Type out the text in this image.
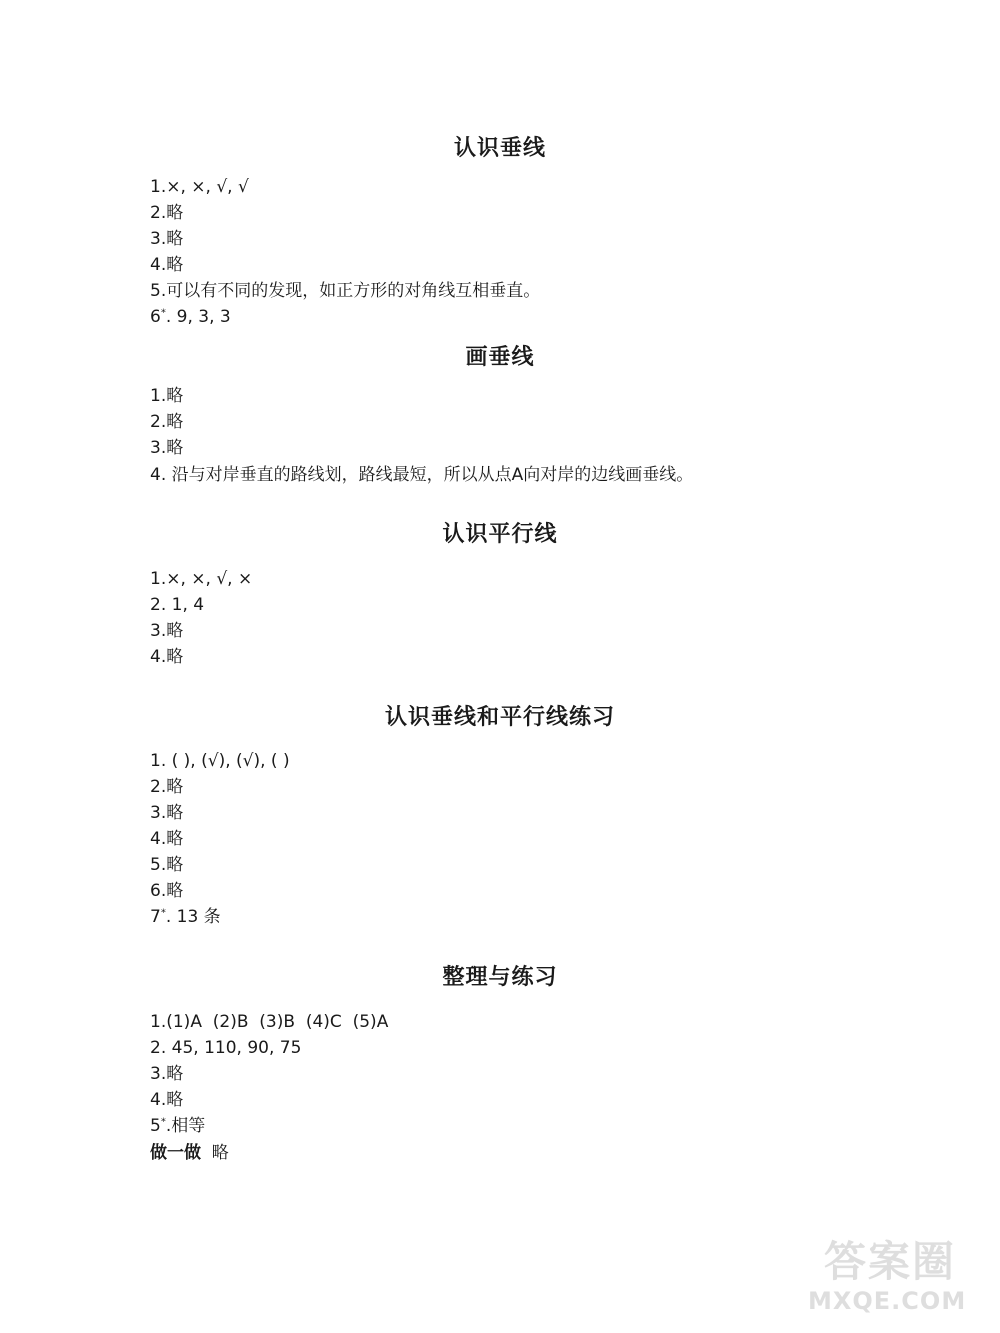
认识垂线

1.×, ×, √, √

2.略

3.略

4.略

5.可以有不同的发现，如正方形的对角线互相垂直。

6*. 9, 3, 3

画垂线

1.略

2.略

3.略

4. 沿与对岸垂直的路线划，路线最短，所以从点A向对岸的边线画垂线。

认识平行线

1.×, ×, √, ×

2. 1, 4

3.略

4.略

认识垂线和平行线练习

1. ( ), (√), (√), ( )

2.略

3.略

4.略

5.略

6.略

7*. 13 条

整理与练习

1.(1)A  (2)B  (3)B  (4)C  (5)A

2. 45, 110, 90, 75

3.略

4.略

5*.相等

做一做  略

答案圈
MXQE.COM
